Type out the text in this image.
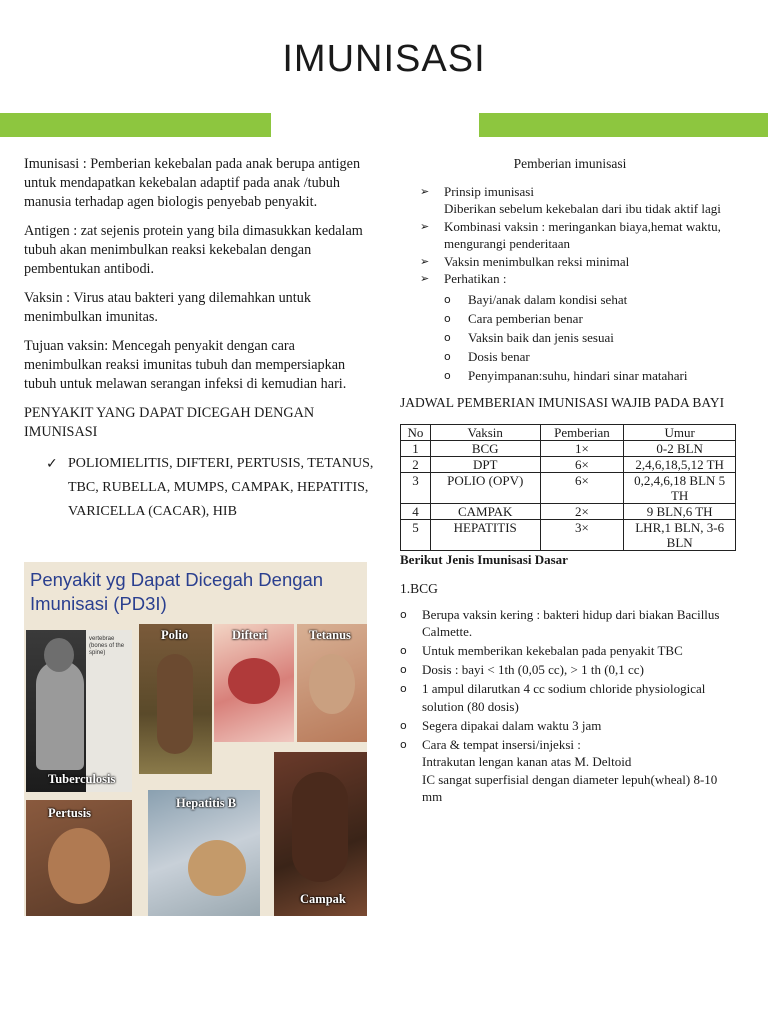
IMUNISASI

Imunisasi : Pemberian kekebalan pada anak berupa antigen untuk mendapatkan kekebalan adaptif pada anak /tubuh manusia terhadap agen biologis penyebab penyakit.

Antigen : zat sejenis protein yang bila dimasukkan kedalam tubuh akan menimbulkan reaksi kekebalan dengan pembentukan antibodi.

Vaksin : Virus atau bakteri yang dilemahkan untuk menimbulkan imunitas.

Tujuan vaksin: Mencegah penyakit dengan cara menimbulkan reaksi imunitas tubuh dan mempersiapkan tubuh untuk melawan serangan infeksi di kemudian hari.

PENYAKIT YANG DAPAT DICEGAH DENGAN IMUNISASI
✓ POLIOMIELITIS, DIFTERI, PERTUSIS, TETANUS,
TBC, RUBELLA, MUMPS, CAMPAK, HEPATITIS,
VARICELLA (CACAR), HIB
Penyakit yg Dapat Dicegah Dengan Imunisasi (PD3I)
vertebrae (bones of the spine)
Tuberculosis
Polio	Difteri	Tetanus
Pertusis
Hepatitis B
Campak
Pemberian imunisasi
➢ Prinsip imunisasi
Diberikan sebelum kekebalan dari ibu tidak aktif lagi
➢ Kombinasi vaksin : meringankan biaya,hemat waktu, mengurangi penderitaan
➢ Vaksin menimbulkan reksi minimal
➢ Perhatikan :
o Bayi/anak dalam kondisi sehat
o Cara pemberian benar
o Vaksin baik dan jenis sesuai
o Dosis benar
o Penyimpanan:suhu, hindari sinar matahari
JADWAL PEMBERIAN IMUNISASI WAJIB PADA BAYI
No	Vaksin	Pemberian	Umur
1	BCG	1×	0-2 BLN
2	DPT	6×	2,4,6,18,5,12 TH
3	POLIO (OPV)	6×	0,2,4,6,18 BLN 5 TH
4	CAMPAK	2×	9 BLN,6 TH
5	HEPATITIS	3×	LHR,1 BLN, 3-6 BLN
Berikut Jenis Imunisasi Dasar
1.BCG
o Berupa vaksin kering : bakteri hidup dari biakan Bacillus Calmette.
o Untuk memberikan kekebalan pada penyakit TBC
o Dosis : bayi < 1th (0,05 cc), > 1 th (0,1 cc)
o 1 ampul dilarutkan 4 cc sodium chloride physiological solution (80 dosis)
o Segera dipakai dalam waktu 3 jam
o Cara & tempat insersi/injeksi :
Intrakutan lengan kanan atas M. Deltoid
IC sangat superfisial dengan diameter lepuh(wheal) 8-10 mm
